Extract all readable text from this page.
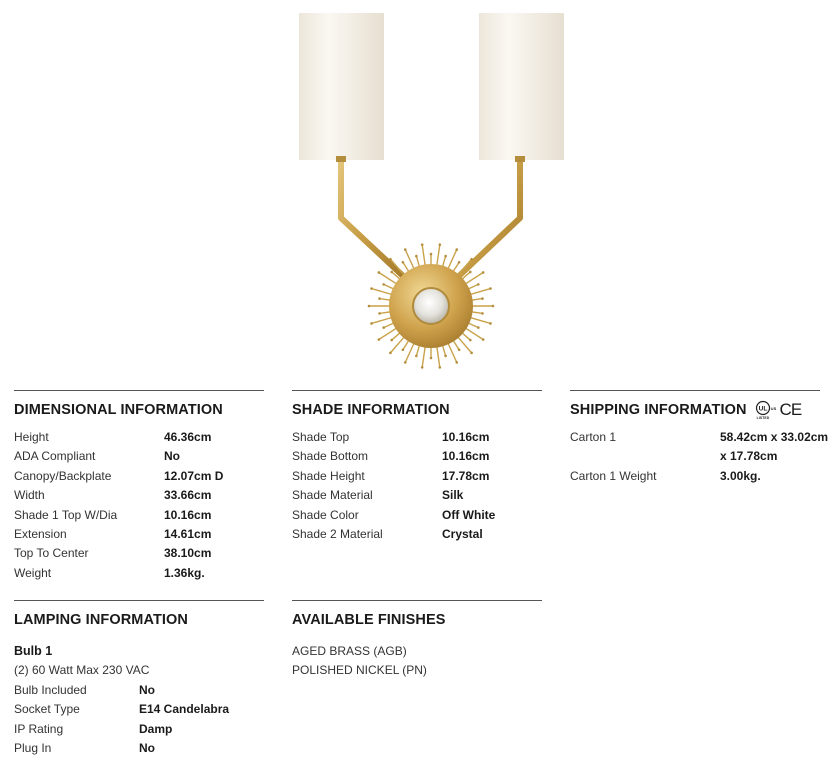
DIMENSIONAL INFORMATION
Height	46.36cm
ADA Compliant	No
Canopy/Backplate	12.07cm D
Width	33.66cm
Shade 1 Top W/Dia	10.16cm
Extension	14.61cm
Top To Center	38.10cm
Weight	1.36kg.
SHADE INFORMATION
Shade Top	10.16cm
Shade Bottom	10.16cm
Shade Height	17.78cm
Shade Material	Silk
Shade Color	Off White
Shade 2 Material	Crystal
SHIPPING INFORMATION UL US
LISTED CE
Carton 1	58.42cm x 33.02cm
x 17.78cm
Carton 1 Weight	3.00kg.
LAMPING INFORMATION
Bulb 1
(2) 60 Watt Max 230 VAC
Bulb Included	No
Socket Type	E14 Candelabra
IP Rating	Damp
Plug In	No
AVAILABLE FINISHES
AGED BRASS (AGB)
POLISHED NICKEL (PN)
